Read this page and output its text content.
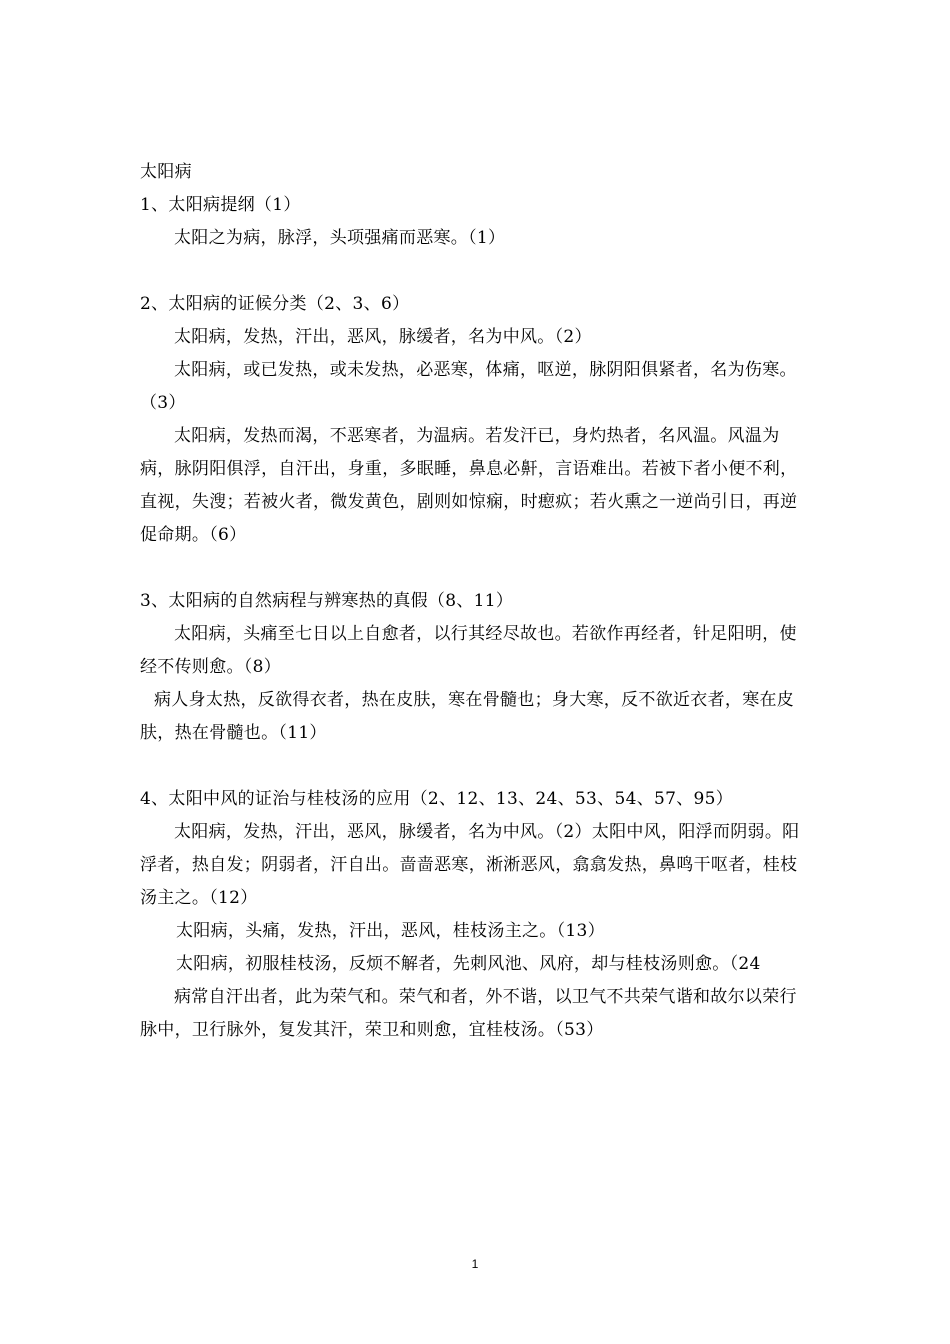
太阳病

1、太阳病提纲（1）

太阳之为病，脉浮，头项强痛而恶寒。（1）

2、太阳病的证候分类（2、3、6）

太阳病，发热，汗出，恶风，脉缓者，名为中风。（2）

太阳病，或已发热，或未发热，必恶寒，体痛，呕逆，脉阴阳俱紧者，名为伤寒。（3）

太阳病，发热而渴，不恶寒者，为温病。若发汗已，身灼热者，名风温。风温为病，脉阴阳俱浮，自汗出，身重，多眠睡，鼻息必鼾，言语难出。若被下者小便不利，直视，失溲；若被火者，微发黄色，剧则如惊痫，时瘛疭；若火熏之一逆尚引日，再逆促命期。（6）

3、太阳病的自然病程与辨寒热的真假（8、11）

太阳病，头痛至七日以上自愈者，以行其经尽故也。若欲作再经者，针足阳明，使经不传则愈。（8）

病人身太热，反欲得衣者，热在皮肤，寒在骨髓也；身大寒，反不欲近衣者，寒在皮肤，热在骨髓也。（11）

4、太阳中风的证治与桂枝汤的应用（2、12、13、24、53、54、57、95）

太阳病，发热，汗出，恶风，脉缓者，名为中风。（2）太阳中风，阳浮而阴弱。阳浮者，热自发；阴弱者，汗自出。啬啬恶寒，淅淅恶风，翕翕发热，鼻鸣干呕者，桂枝汤主之。（12）

太阳病，头痛，发热，汗出，恶风，桂枝汤主之。（13）

太阳病，初服桂枝汤，反烦不解者，先刺风池、风府，却与桂枝汤则愈。（24

病常自汗出者，此为荣气和。荣气和者，外不谐，以卫气不共荣气谐和故尔以荣行脉中，卫行脉外，复发其汗，荣卫和则愈，宜桂枝汤。（53）

1
